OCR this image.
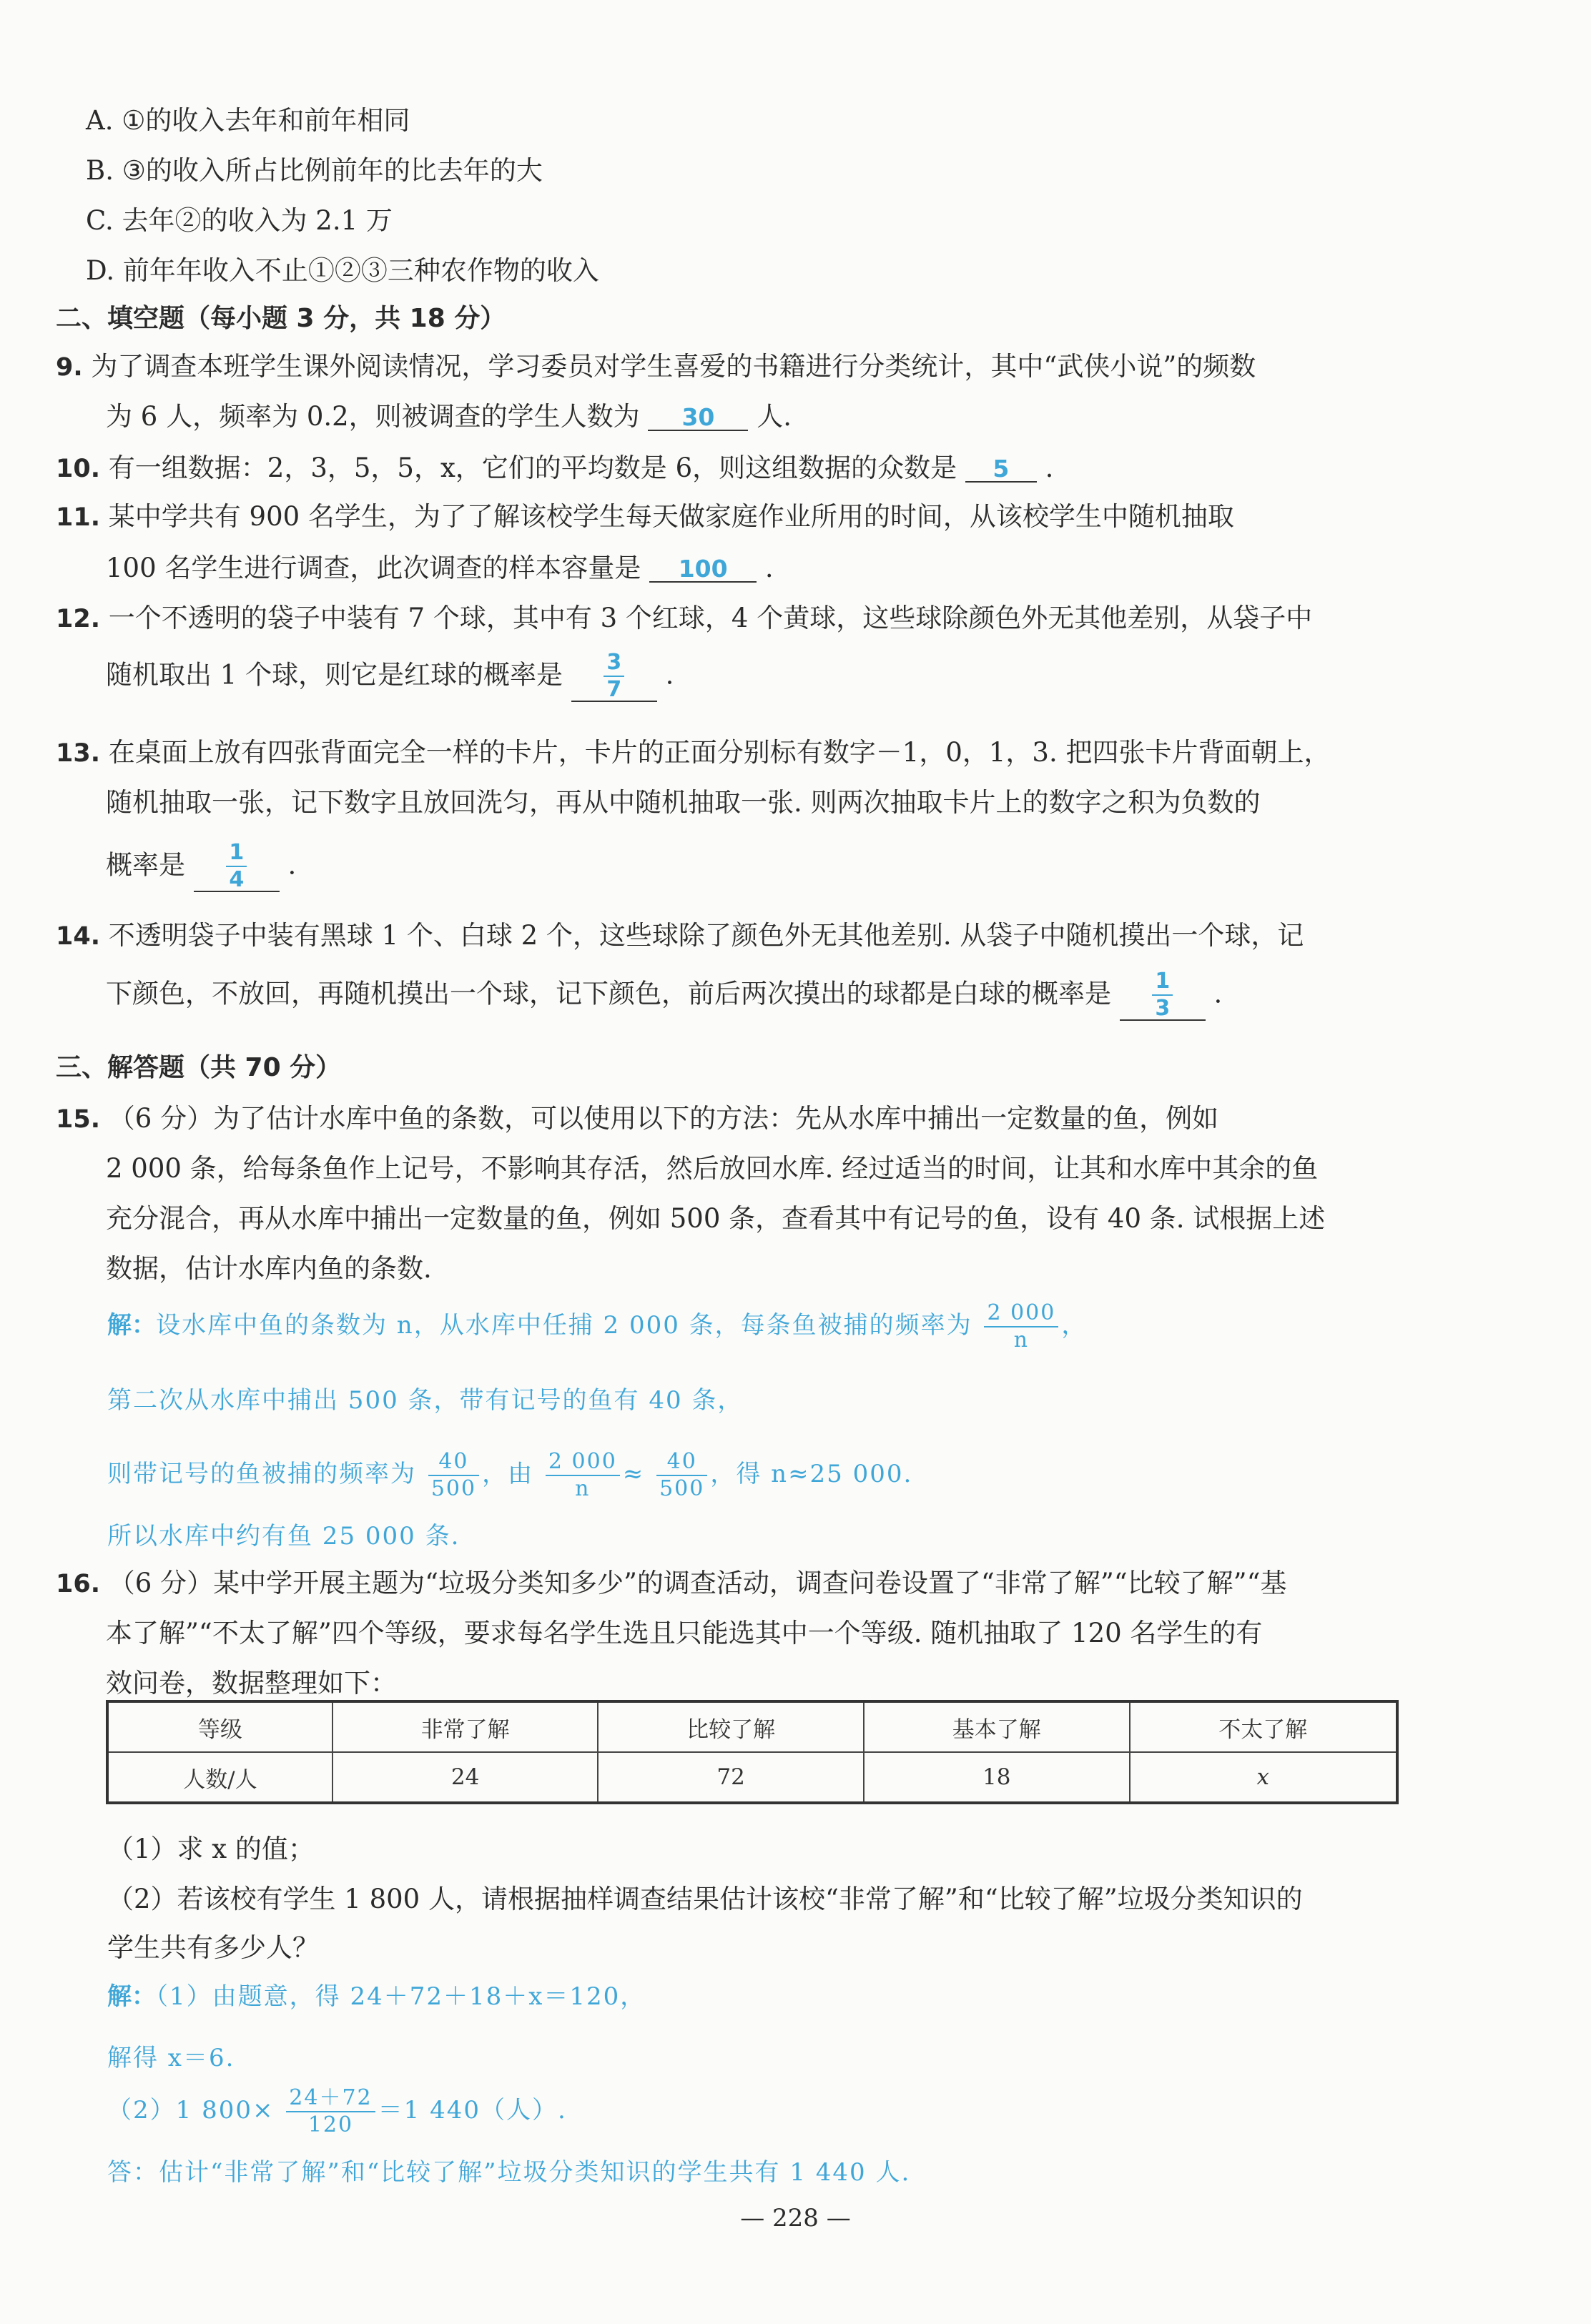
A. ①的收入去年和前年相同
B. ③的收入所占比例前年的比去年的大
C. 去年②的收入为 2.1 万
D. 前年年收入不止①②③三种农作物的收入
二、填空题（每小题 3 分，共 18 分）
9. 为了调查本班学生课外阅读情况，学习委员对学生喜爱的书籍进行分类统计，其中“武侠小说”的频数
为 6 人，频率为 0.2，则被调查的学生人数为 30 人.
10. 有一组数据：2，3，5，5，x，它们的平均数是 6，则这组数据的众数是 5 .
11. 某中学共有 900 名学生，为了了解该校学生每天做家庭作业所用的时间，从该校学生中随机抽取
100 名学生进行调查，此次调查的样本容量是 100 .
12. 一个不透明的袋子中装有 7 个球，其中有 3 个红球，4 个黄球，这些球除颜色外无其他差别，从袋子中
随机取出 1 个球，则它是红球的概率是 $\frac{3}{7}$ .
13. 在桌面上放有四张背面完全一样的卡片，卡片的正面分别标有数字－1，0，1，3. 把四张卡片背面朝上，
随机抽取一张，记下数字且放回洗匀，再从中随机抽取一张. 则两次抽取卡片上的数字之积为负数的
概率是 $\frac{1}{4}$ .
14. 不透明袋子中装有黑球 1 个、白球 2 个，这些球除了颜色外无其他差别. 从袋子中随机摸出一个球，记
下颜色，不放回，再随机摸出一个球，记下颜色，前后两次摸出的球都是白球的概率是 $\frac{1}{3}$ .
三、解答题（共 70 分）
15. （6 分）为了估计水库中鱼的条数，可以使用以下的方法：先从水库中捕出一定数量的鱼，例如
2 000 条，给每条鱼作上记号，不影响其存活，然后放回水库. 经过适当的时间，让其和水库中其余的鱼
充分混合，再从水库中捕出一定数量的鱼，例如 500 条，查看其中有记号的鱼，设有 40 条. 试根据上述
数据，估计水库内鱼的条数.
解：设水库中鱼的条数为 n，从水库中任捕 2 000 条，每条鱼被捕的频率为 $\frac{2 000}{n}$ ，
第二次从水库中捕出 500 条，带有记号的鱼有 40 条，
则带记号的鱼被捕的频率为 $\frac{40}{500}$ ，由 $\frac{2 000}{n} \approx \frac{40}{500}$ ，得 n≈25 000.
所以水库中约有鱼 25 000 条.
16. （6 分）某中学开展主题为“垃圾分类知多少”的调查活动，调查问卷设置了“非常了解”“比较了解”“基
本了解”“不太了解”四个等级，要求每名学生选且只能选其中一个等级. 随机抽取了 120 名学生的有
效问卷，数据整理如下：
等级	非常了解	比较了解	基本了解	不太了解
人数/人	24	72	18	x
（1）求 x 的值；
（2）若该校有学生 1 800 人，请根据抽样调查结果估计该校“非常了解”和“比较了解”垃圾分类知识的
学生共有多少人？
解：（1）由题意，得 24＋72＋18＋x＝120，
解得 x＝6.
（2）1 $800\times \frac{24+72}{120} =1$ 440（人）.
答：估计“非常了解”和“比较了解”垃圾分类知识的学生共有 1 440 人.
— 228 —
